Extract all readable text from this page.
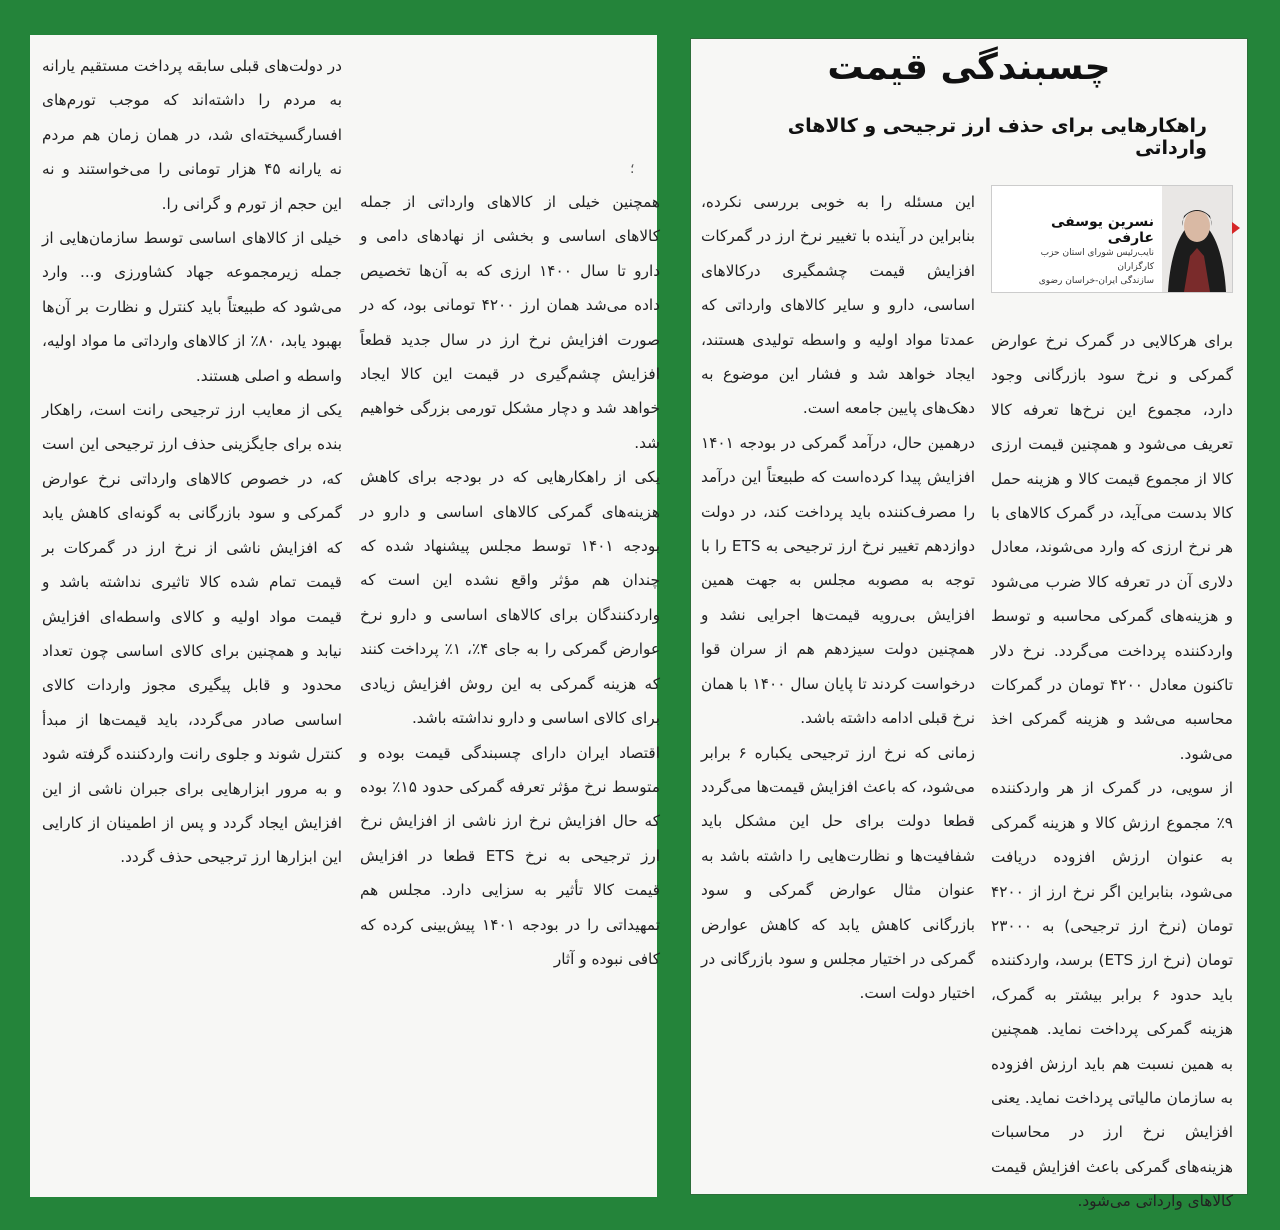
در دولت‌های قبلی سابقه پرداخت مستقیم یارانه به مردم را داشته‌اند که موجب تورم‌های افسارگسیخته‌ای شد، در همان زمان هم مردم نه یارانه ۴۵ هزار تومانی را می‌خواستند و نه این حجم از تورم و گرانی را.

خیلی از کالاهای اساسی توسط سازمان‌هایی از جمله زیرمجموعه جهاد کشاورزی و... وارد می‌شود که طبیعتاً باید کنترل و نظارت بر آن‌ها بهبود یابد، ۸۰٪ از کالاهای وارداتی ما مواد اولیه، واسطه و اصلی هستند.

یکی از معایب ارز ترجیحی رانت است، راهکار بنده برای جایگزینی حذف ارز ترجیحی این است که، در خصوص کالاهای وارداتی نرخ عوارض گمرکی و سود بازرگانی به گونه‌ای کاهش یابد که افزایش ناشی از نرخ ارز در گمرکات بر قیمت تمام شده کالا تاثیری نداشته باشد و قیمت مواد اولیه و کالای واسطه‌ای افزایش نیابد و همچنین برای کالای اساسی چون تعداد محدود و قابل پیگیری مجوز واردات کالای اساسی صادر می‌گردد، باید قیمت‌ها از مبدأ کنترل شوند و جلوی رانت واردکننده گرفته شود و به مرور ابزارهایی برای جبران ناشی از این افزایش ایجاد گردد و پس از اطمینان از کارایی این ابزارها ارز ترجیحی حذف گردد.

همچنین خیلی از کالاهای وارداتی از جمله کالاهای اساسی و بخشی از نهادهای دامی و دارو تا سال ۱۴۰۰ ارزی که به آن‌ها تخصیص داده می‌شد همان ارز ۴۲۰۰ تومانی بود، که در صورت افزایش نرخ ارز در سال جدید قطعاً افزایش چشم‌گیری در قیمت این کالا ایجاد خواهد شد و دچار مشکل تورمی بزرگی خواهیم شد.

یکی از راهکارهایی که در بودجه برای کاهش هزینه‌های گمرکی کالاهای اساسی و دارو در بودجه ۱۴۰۱ توسط مجلس پیشنهاد شده که چندان هم مؤثر واقع نشده این است که واردکنندگان برای کالاهای اساسی و دارو نرخ عوارض گمرکی را به جای ۴٪، ۱٪ پرداخت کنند که هزینه گمرکی به این روش افزایش زیادی برای کالای اساسی و دارو نداشته باشد.

اقتصاد ایران دارای چسبندگی قیمت بوده و متوسط نرخ مؤثر تعرفه گمرکی حدود ۱۵٪ بوده که حال افزایش نرخ ارز ناشی از افزایش نرخ ارز ترجیحی به نرخ ETS قطعا در افزایش قیمت کالا تأثیر به سزایی دارد. مجلس هم تمهیداتی را در بودجه ۱۴۰۱ پیش‌بینی کرده که کافی نبوده و آثار

؛
چسبندگی قیمت
راهکارهایی برای حذف ارز ترجیحی و کالاهای وارداتی
نسرین یوسفی عارفی
نایب‌رئیس شورای استان حزب کارگزاران
سازندگی ایران-خراسان رضوی

برای هرکالایی در گمرک نرخ عوارض گمرکی و نرخ سود بازرگانی وجود دارد، مجموع این نرخ‌ها تعرفه کالا تعریف می‌شود و همچنین قیمت ارزی کالا از مجموع قیمت کالا و هزینه حمل کالا بدست می‌آید، در گمرک کالاهای با هر نرخ ارزی که وارد می‌شوند، معادل دلاری آن در تعرفه کالا ضرب می‌شود و هزینه‌های گمرکی محاسبه و توسط واردکننده پرداخت می‌گردد. نرخ دلار تاکنون معادل ۴۲۰۰ تومان در گمرکات محاسبه می‌شد و هزینه گمرکی اخذ می‌شود.

از سویی، در گمرک از هر واردکننده ۹٪ مجموع ارزش کالا و هزینه گمرکی به عنوان ارزش افزوده دریافت می‌شود، بنابراین اگر نرخ ارز از ۴۲۰۰ تومان (نرخ ارز ترجیحی) به ۲۳۰۰۰ تومان (نرخ ارز ETS) برسد، واردکننده باید حدود ۶ برابر بیشتر به گمرک، هزینه گمرکی پرداخت نماید. همچنین به همین نسبت هم باید ارزش افزوده به سازمان مالیاتی پرداخت نماید. یعنی افزایش نرخ ارز در محاسبات هزینه‌های گمرکی باعث افزایش قیمت کالاهای وارداتی می‌شود.

این مسئله را به خوبی بررسی نکرده، بنابراین در آینده با تغییر نرخ ارز در گمرکات افزایش قیمت چشمگیری درکالاهای اساسی، دارو و سایر کالاهای وارداتی که عمدتا مواد اولیه و واسطه تولیدی هستند، ایجاد خواهد شد و فشار این موضوع به دهک‌های پایین جامعه است.

درهمین حال، درآمد گمرکی در بودجه ۱۴۰۱ افزایش پیدا کرده‌است که طبیعتاً این درآمد را مصرف‌کننده باید پرداخت کند، در دولت دوازدهم تغییر نرخ ارز ترجیحی به ETS را با توجه به مصوبه مجلس به جهت همین افزایش بی‌رویه قیمت‌ها اجرایی نشد و همچنین دولت سیزدهم هم از سران قوا درخواست کردند تا پایان سال ۱۴۰۰ با همان نرخ قبلی ادامه داشته باشد.

زمانی که نرخ ارز ترجیحی یکباره ۶ برابر می‌شود، که باعث افزایش قیمت‌ها می‌گردد قطعا دولت برای حل این مشکل باید شفافیت‌ها و نظارت‌هایی را داشته باشد به عنوان مثال عوارض گمرکی و سود بازرگانی کاهش یابد که کاهش عوارض گمرکی در اختیار مجلس و سود بازرگانی در اختیار دولت است.
